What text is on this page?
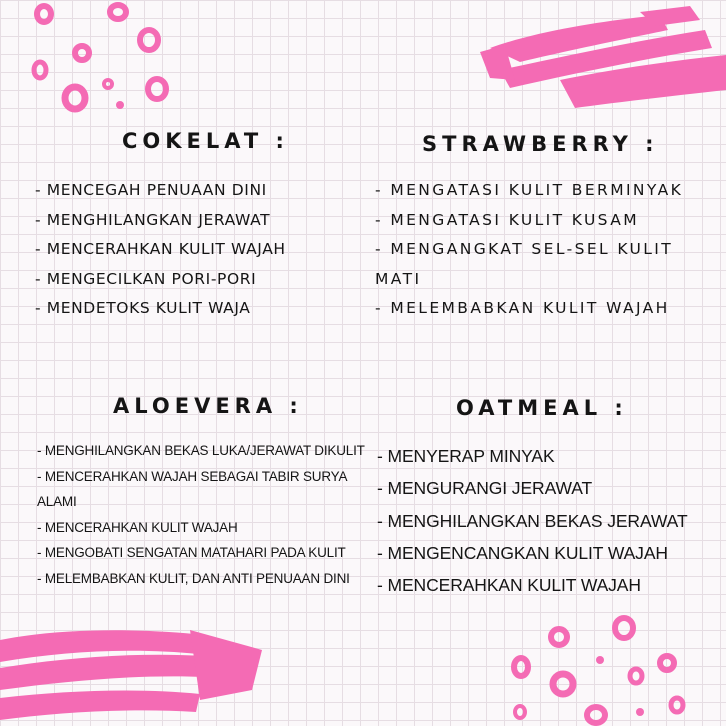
COKELAT :
- MENCEGAH PENUAAN DINI
- MENGHILANGKAN JERAWAT
- MENCERAHKAN KULIT WAJAH
- MENGECILKAN PORI-PORI
- MENDETOKS KULIT WAJA
STRAWBERRY :
- MENGATASI KULIT BERMINYAK
- MENGATASI KULIT KUSAM
- MENGANGKAT SEL-SEL KULIT MATI
- MELEMBABKAN KULIT WAJAH
ALOEVERA :
- MENGHILANGKAN BEKAS LUKA/JERAWAT DIKULIT
- MENCERAHKAN WAJAH SEBAGAI TABIR SURYA ALAMI
- MENCERAHKAN KULIT WAJAH
- MENGOBATI SENGATAN MATAHARI PADA KULIT
- MELEMBABKAN KULIT, DAN ANTI PENUAAN DINI
OATMEAL :
- MENYERAP MINYAK
- MENGURANGI JERAWAT
- MENGHILANGKAN BEKAS JERAWAT
- MENGENCANGKAN KULIT WAJAH
- MENCERAHKAN KULIT WAJAH
